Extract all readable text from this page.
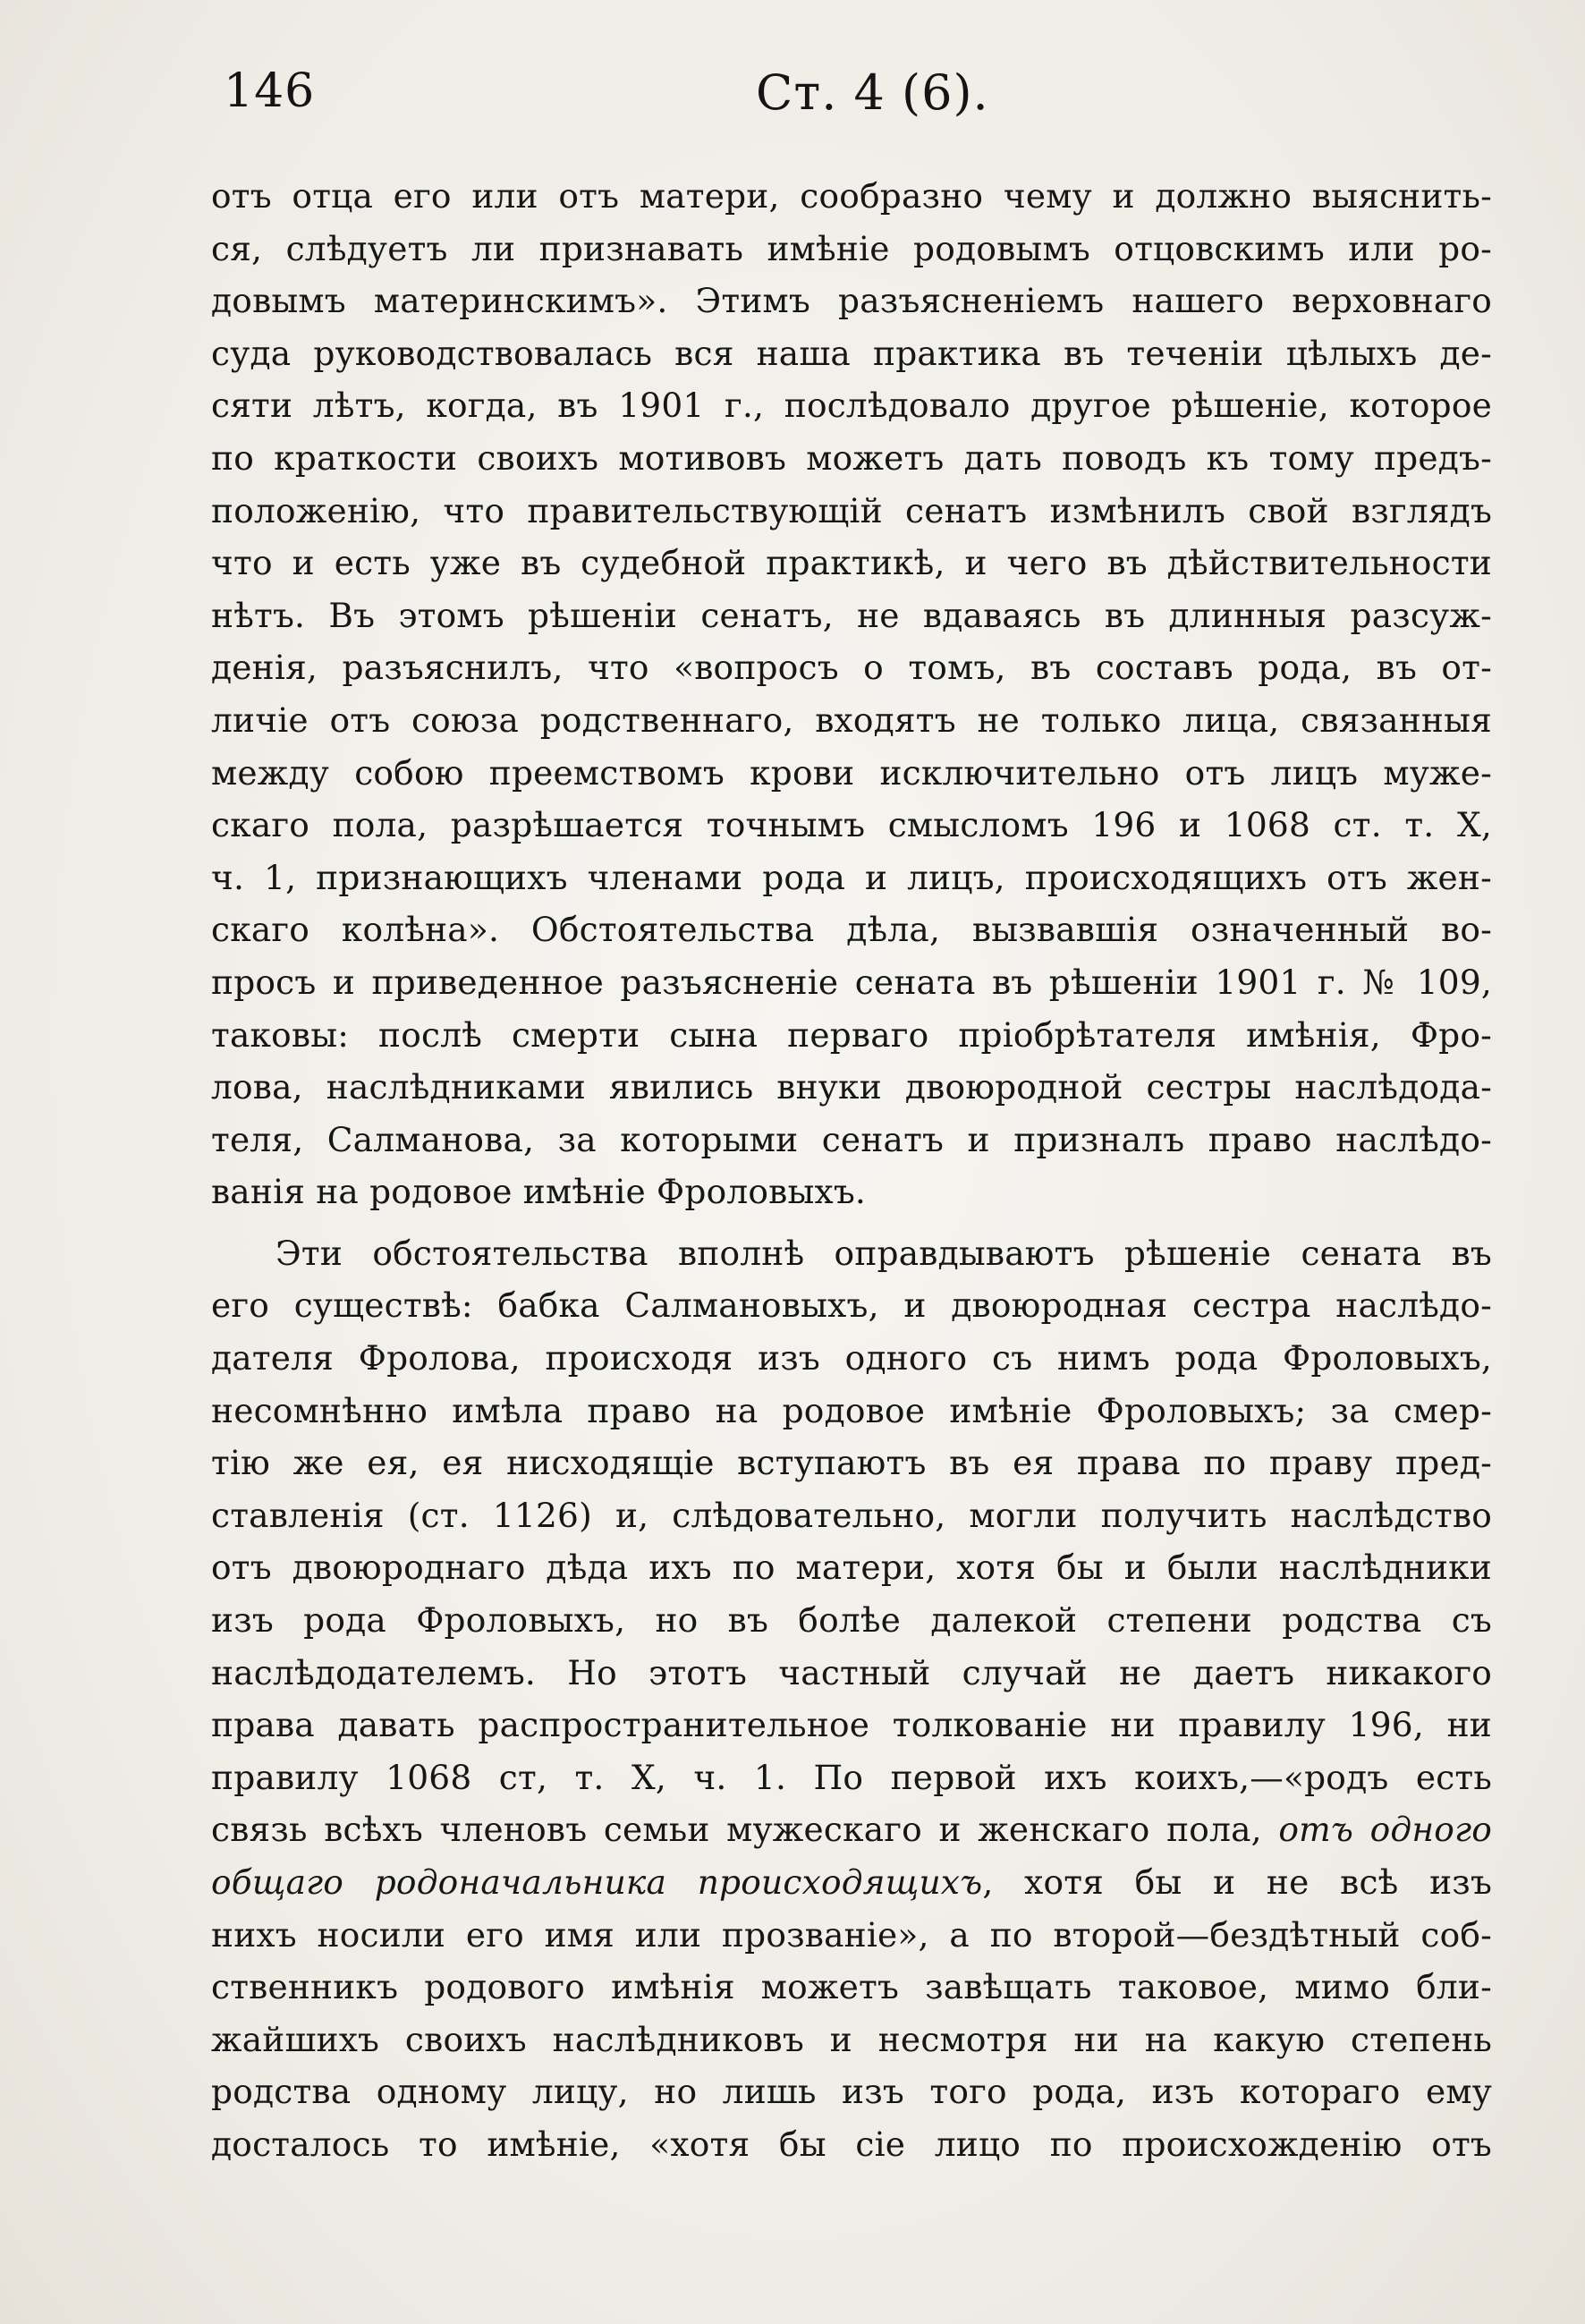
146	Ст. 4 (6).
отъ отца его или отъ матери, сообразно чему и должно выяснить-
ся, слѣдуетъ ли признавать имѣніе родовымъ отцовскимъ или ро-
довымъ материнскимъ». Этимъ разъясненіемъ нашего верховнаго
суда руководствовалась вся наша практика въ теченіи цѣлыхъ де-
сяти лѣтъ, когда, въ 1901 г., послѣдовало другое рѣшеніе, которое
по краткости своихъ мотивовъ можетъ дать поводъ къ тому предъ-
положенію, что правительствующій сенатъ измѣнилъ свой взглядъ
что и есть уже въ судебной практикѣ, и чего въ дѣйствительности
нѣтъ. Въ этомъ рѣшеніи сенатъ, не вдаваясь въ длинныя разсуж-
денія, разъяснилъ, что «вопросъ о томъ, въ составъ рода, въ от-
личіе отъ союза родственнаго, входятъ не только лица, связанныя
между собою преемствомъ крови исключительно отъ лицъ муже-
скаго пола, разрѣшается точнымъ смысломъ 196 и 1068 ст. т. X,
ч. 1, признающихъ членами рода и лицъ, происходящихъ отъ жен-
скаго колѣна». Обстоятельства дѣла, вызвавшія означенный во-
просъ и приведенное разъясненіе сената въ рѣшеніи 1901 г. № 109,
таковы: послѣ смерти сына перваго пріобрѣтателя имѣнія, Фро-
лова, наслѣдниками явились внуки двоюродной сестры наслѣдода-
теля, Салманова, за которыми сенатъ и призналъ право наслѣдо-
ванія на родовое имѣніе Фроловыхъ.
Эти обстоятельства вполнѣ оправдываютъ рѣшеніе сената въ
его существѣ: бабка Салмановыхъ, и двоюродная сестра наслѣдо-
дателя Фролова, происходя изъ одного съ нимъ рода Фроловыхъ,
несомнѣнно имѣла право на родовое имѣніе Фроловыхъ; за смер-
тію же ея, ея нисходящіе вступаютъ въ ея права по праву пред-
ставленія (ст. 1126) и, слѣдовательно, могли получить наслѣдство
отъ двоюроднаго дѣда ихъ по матери, хотя бы и были наслѣдники
изъ рода Фроловыхъ, но въ болѣе далекой степени родства съ
наслѣдодателемъ. Но этотъ частный случай не даетъ никакого
права давать распространительное толкованіе ни правилу 196, ни
правилу 1068 ст, т. X, ч. 1. По первой ихъ коихъ,—«родъ есть
связь всѣхъ членовъ семьи мужескаго и женскаго пола, отъ одного
общаго родоначальника происходящихъ, хотя бы и не всѣ изъ
нихъ носили его имя или прозваніе», а по второй—бездѣтный соб-
ственникъ родового имѣнія можетъ завѣщать таковое, мимо бли-
жайшихъ своихъ наслѣдниковъ и несмотря ни на какую степень
родства одному лицу, но лишь изъ того рода, изъ котораго ему
досталось то имѣніе, «хотя бы сіе лицо по происхожденію отъ
